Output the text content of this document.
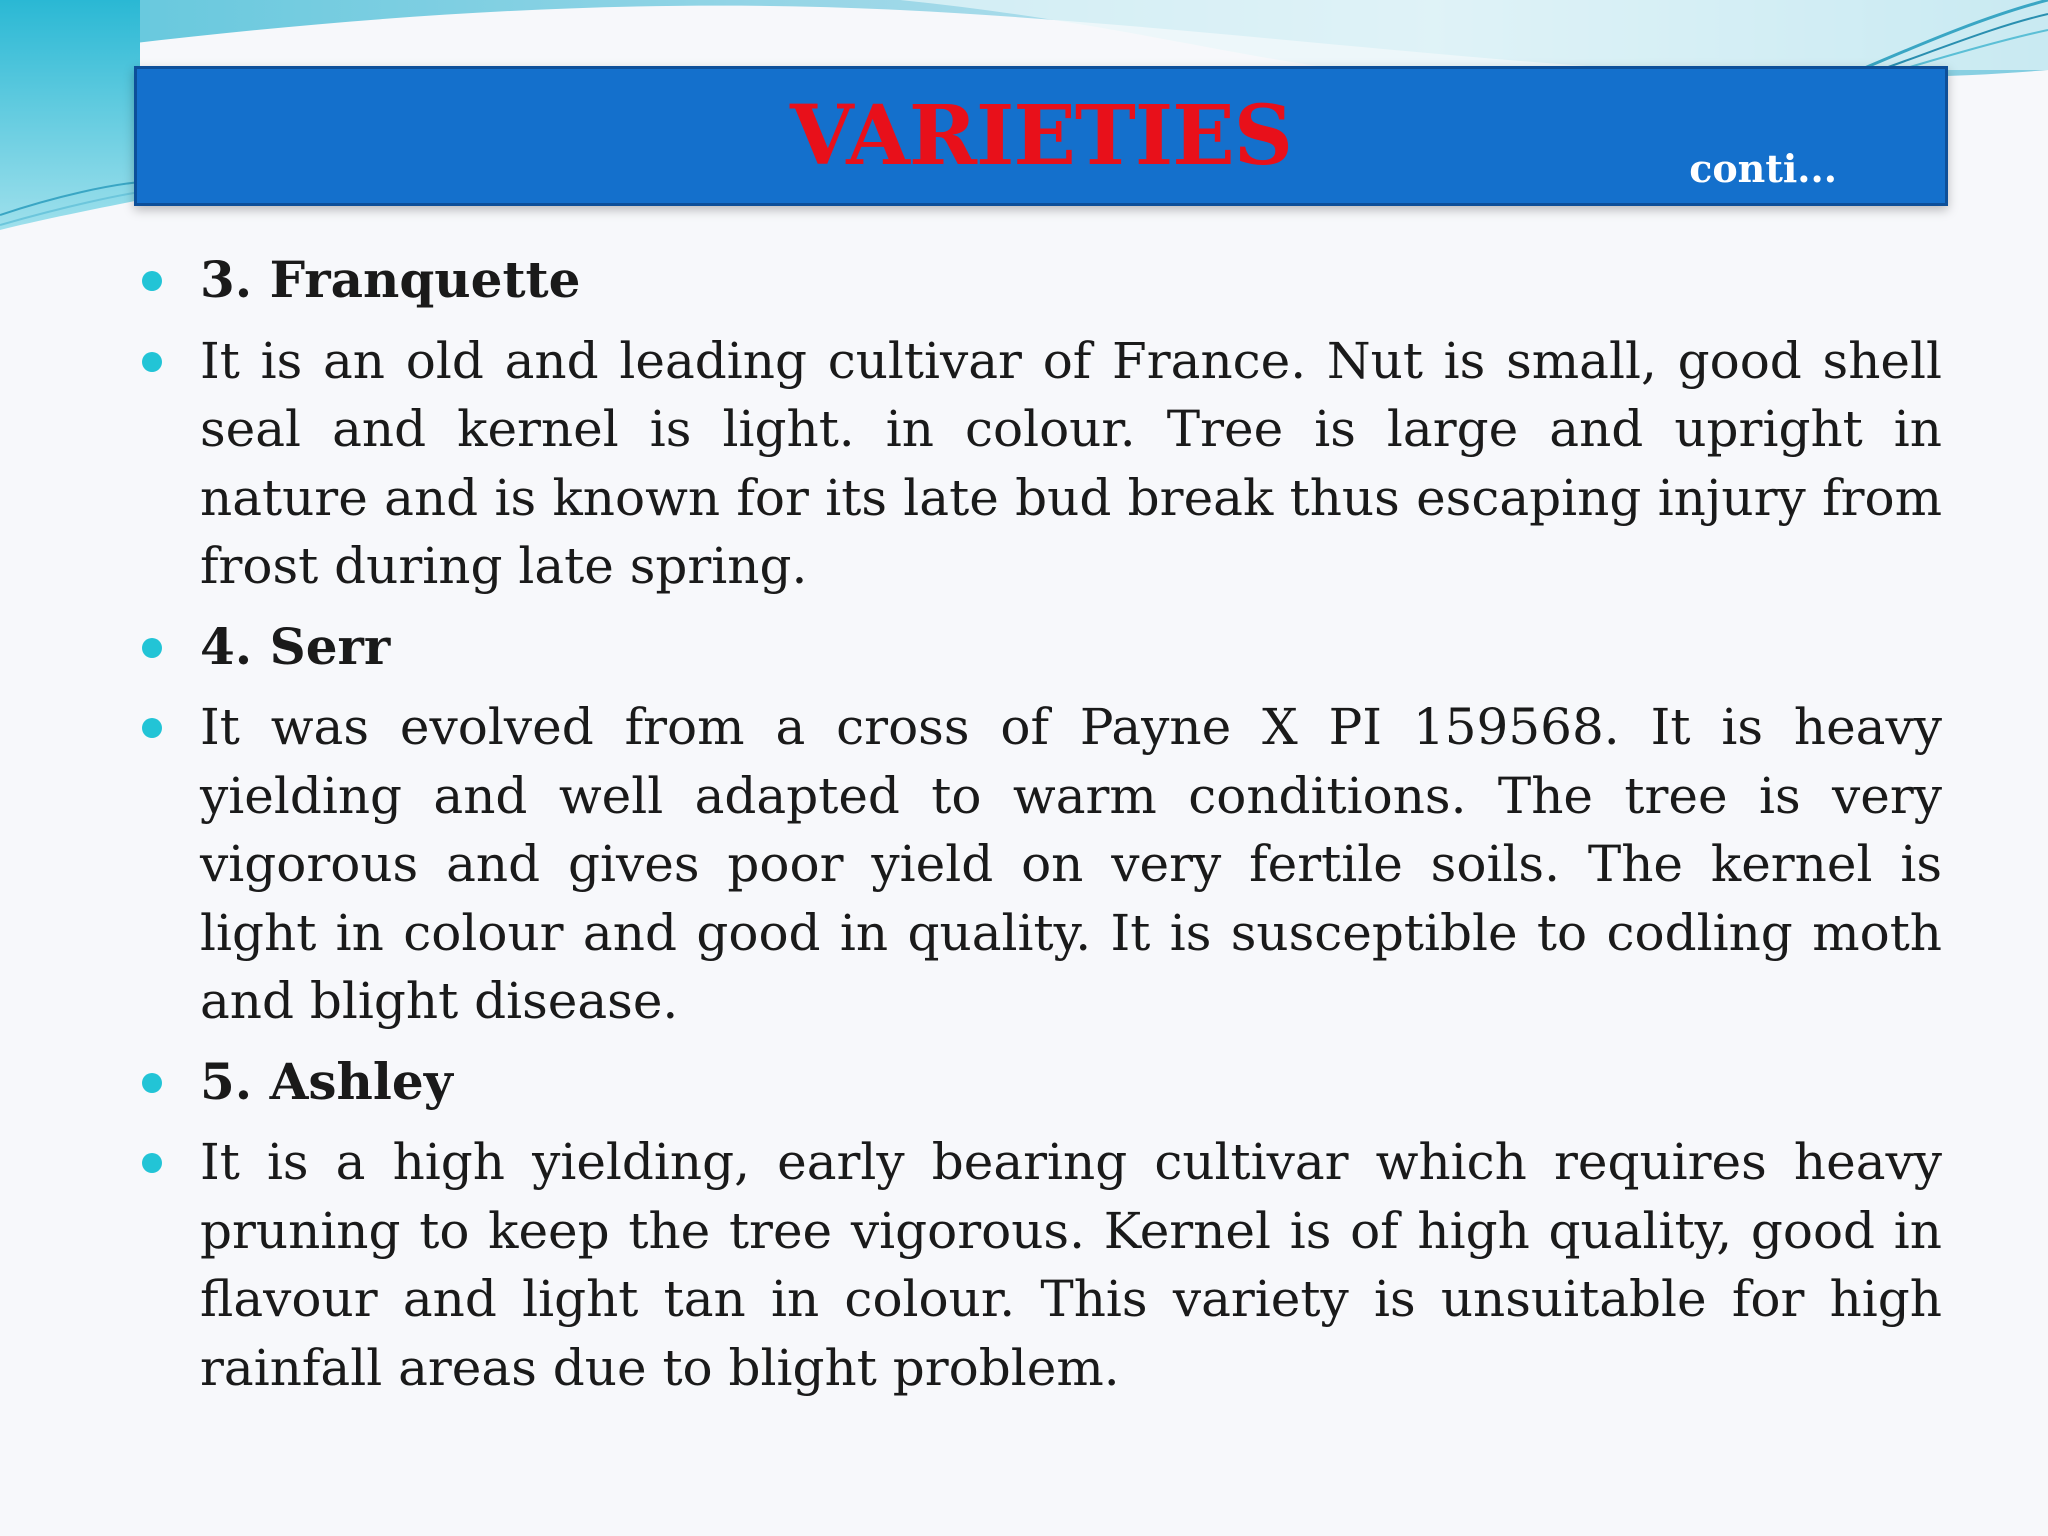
VARIETIES	conti...
3. Franquette
It is an old and leading cultivar of France. Nut is small, good shell seal and kernel is light. in colour. Tree is large and upright in nature and is known for its late bud break thus escaping injury from frost during late spring.
4. Serr
It was evolved from a cross of Payne X PI 159568. It is heavy yielding and well adapted to warm conditions. The tree is very vigorous and gives poor yield on very fertile soils. The kernel is light in colour and good in quality. It is susceptible to codling moth and blight disease.
5. Ashley
It is a high yielding, early bearing cultivar which requires heavy pruning to keep the tree vigorous. Kernel is of high quality, good in flavour and light tan in colour. This variety is unsuitable for high rainfall areas due to blight problem.
